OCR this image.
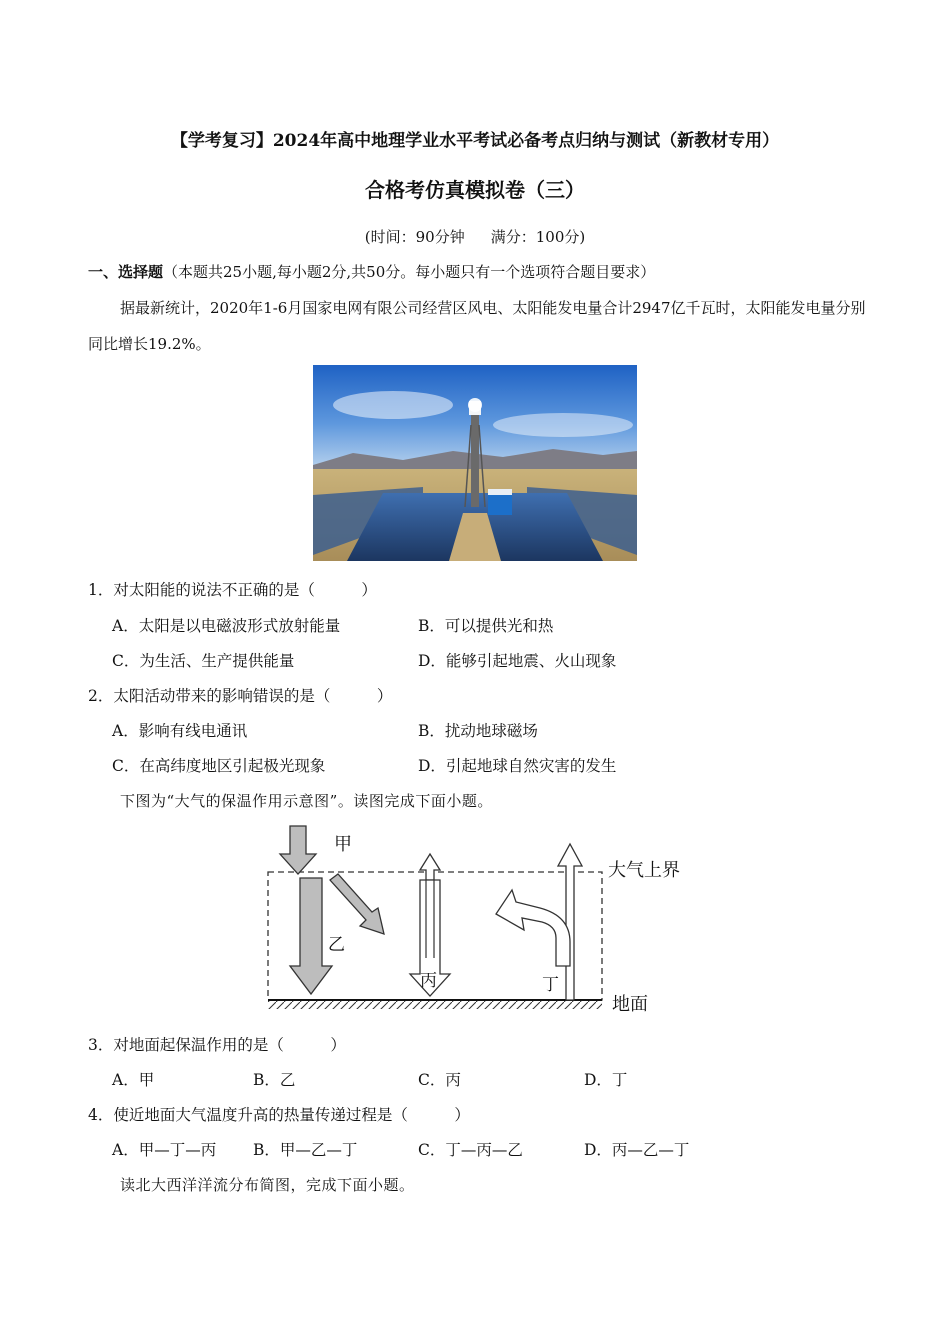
【学考复习】2024年高中地理学业水平考试必备考点归纳与测试（新教材专用）
合格考仿真模拟卷（三）
(时间：90分钟 满分：100分)
一、选择题（本题共25小题,每小题2分,共50分。每小题只有一个选项符合题目要求）
据最新统计，2020年1-6月国家电网有限公司经营区风电、太阳能发电量合计2947亿千瓦时，太阳能发电量分别同比增长19.2%。
1．对太阳能的说法不正确的是（　　　）
A．太阳是以电磁波形式放射能量	B．可以提供光和热
C．为生活、生产提供能量	D．能够引起地震、火山现象
2．太阳活动带来的影响错误的是（　　　）
A．影响有线电通讯	B．扰动地球磁场
C．在高纬度地区引起极光现象	D．引起地球自然灾害的发生
下图为“大气的保温作用示意图”。读图完成下面小题。
甲
乙
丙	丁
大气上界
地面
3．对地面起保温作用的是（　　　）
A．甲	B．乙	C．丙	D．丁
4．使近地面大气温度升高的热量传递过程是（　　　）
A．甲—丁—丙 B．甲—乙—丁	C．丁—丙—乙	D．丙—乙—丁
读北大西洋洋流分布简图，完成下面小题。
